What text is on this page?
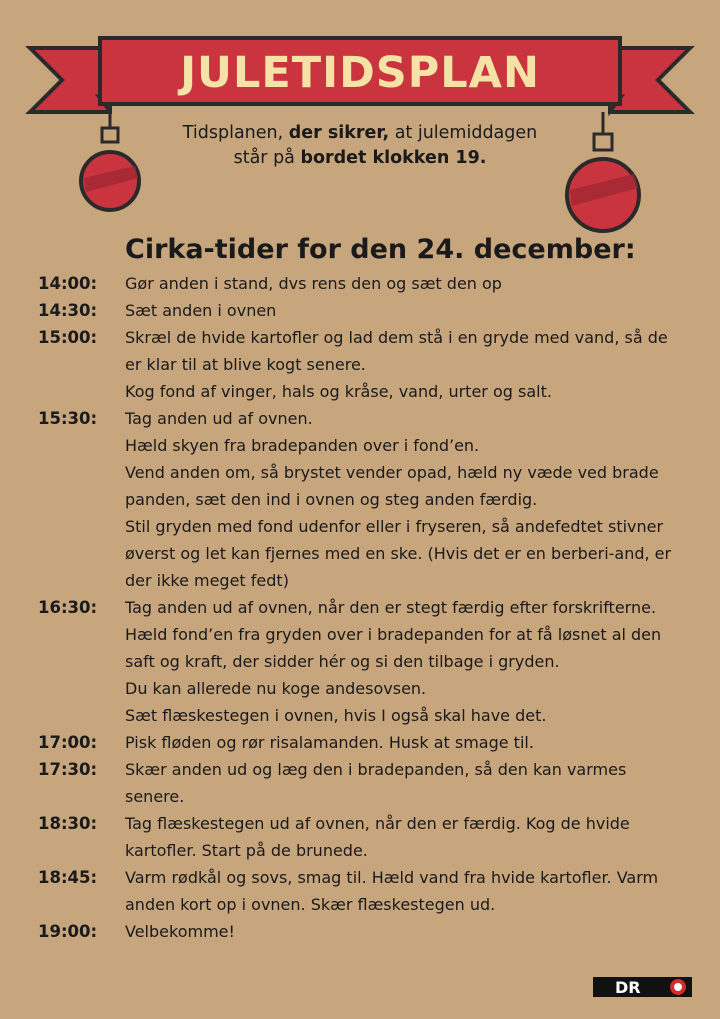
JULETIDSPLAN
Tidsplanen, der sikrer, at julemiddagen
står på bordet klokken 19.
Cirka-tider for den 24. december:
14:00:	Gør anden i stand, dvs rens den og sæt den op
14:30:	Sæt anden i ovnen
15:00:	Skræl de hvide kartofler og lad dem stå i en gryde med vand, så de
er klar til at blive kogt senere.
Kog fond af vinger, hals og kråse, vand, urter og salt.
15:30:	Tag anden ud af ovnen.
Hæld skyen fra bradepanden over i fond’en.
Vend anden om, så brystet vender opad, hæld ny væde ved brade
panden, sæt den ind i ovnen og steg anden færdig.
Stil gryden med fond udenfor eller i fryseren, så andefedtet stivner
øverst og let kan fjernes med en ske. (Hvis det er en berberi-and, er
der ikke meget fedt)
16:30:	Tag anden ud af ovnen, når den er stegt færdig efter forskrifterne.
Hæld fond’en fra gryden over i bradepanden for at få løsnet al den
saft og kraft, der sidder hér og si den tilbage i gryden.
Du kan allerede nu koge andesovsen.
Sæt flæskestegen i ovnen, hvis I også skal have det.
17:00:	Pisk fløden og rør risalamanden. Husk at smage til.
17:30:	Skær anden ud og læg den i bradepanden, så den kan varmes
senere.
18:30:	Tag flæskestegen ud af ovnen, når den er færdig. Kog de hvide
kartofler. Start på de brunede.
18:45:	Varm rødkål og sovs, smag til. Hæld vand fra hvide kartofler. Varm
anden kort op i ovnen. Skær flæskestegen ud.
19:00:	Velbekomme!
DR
